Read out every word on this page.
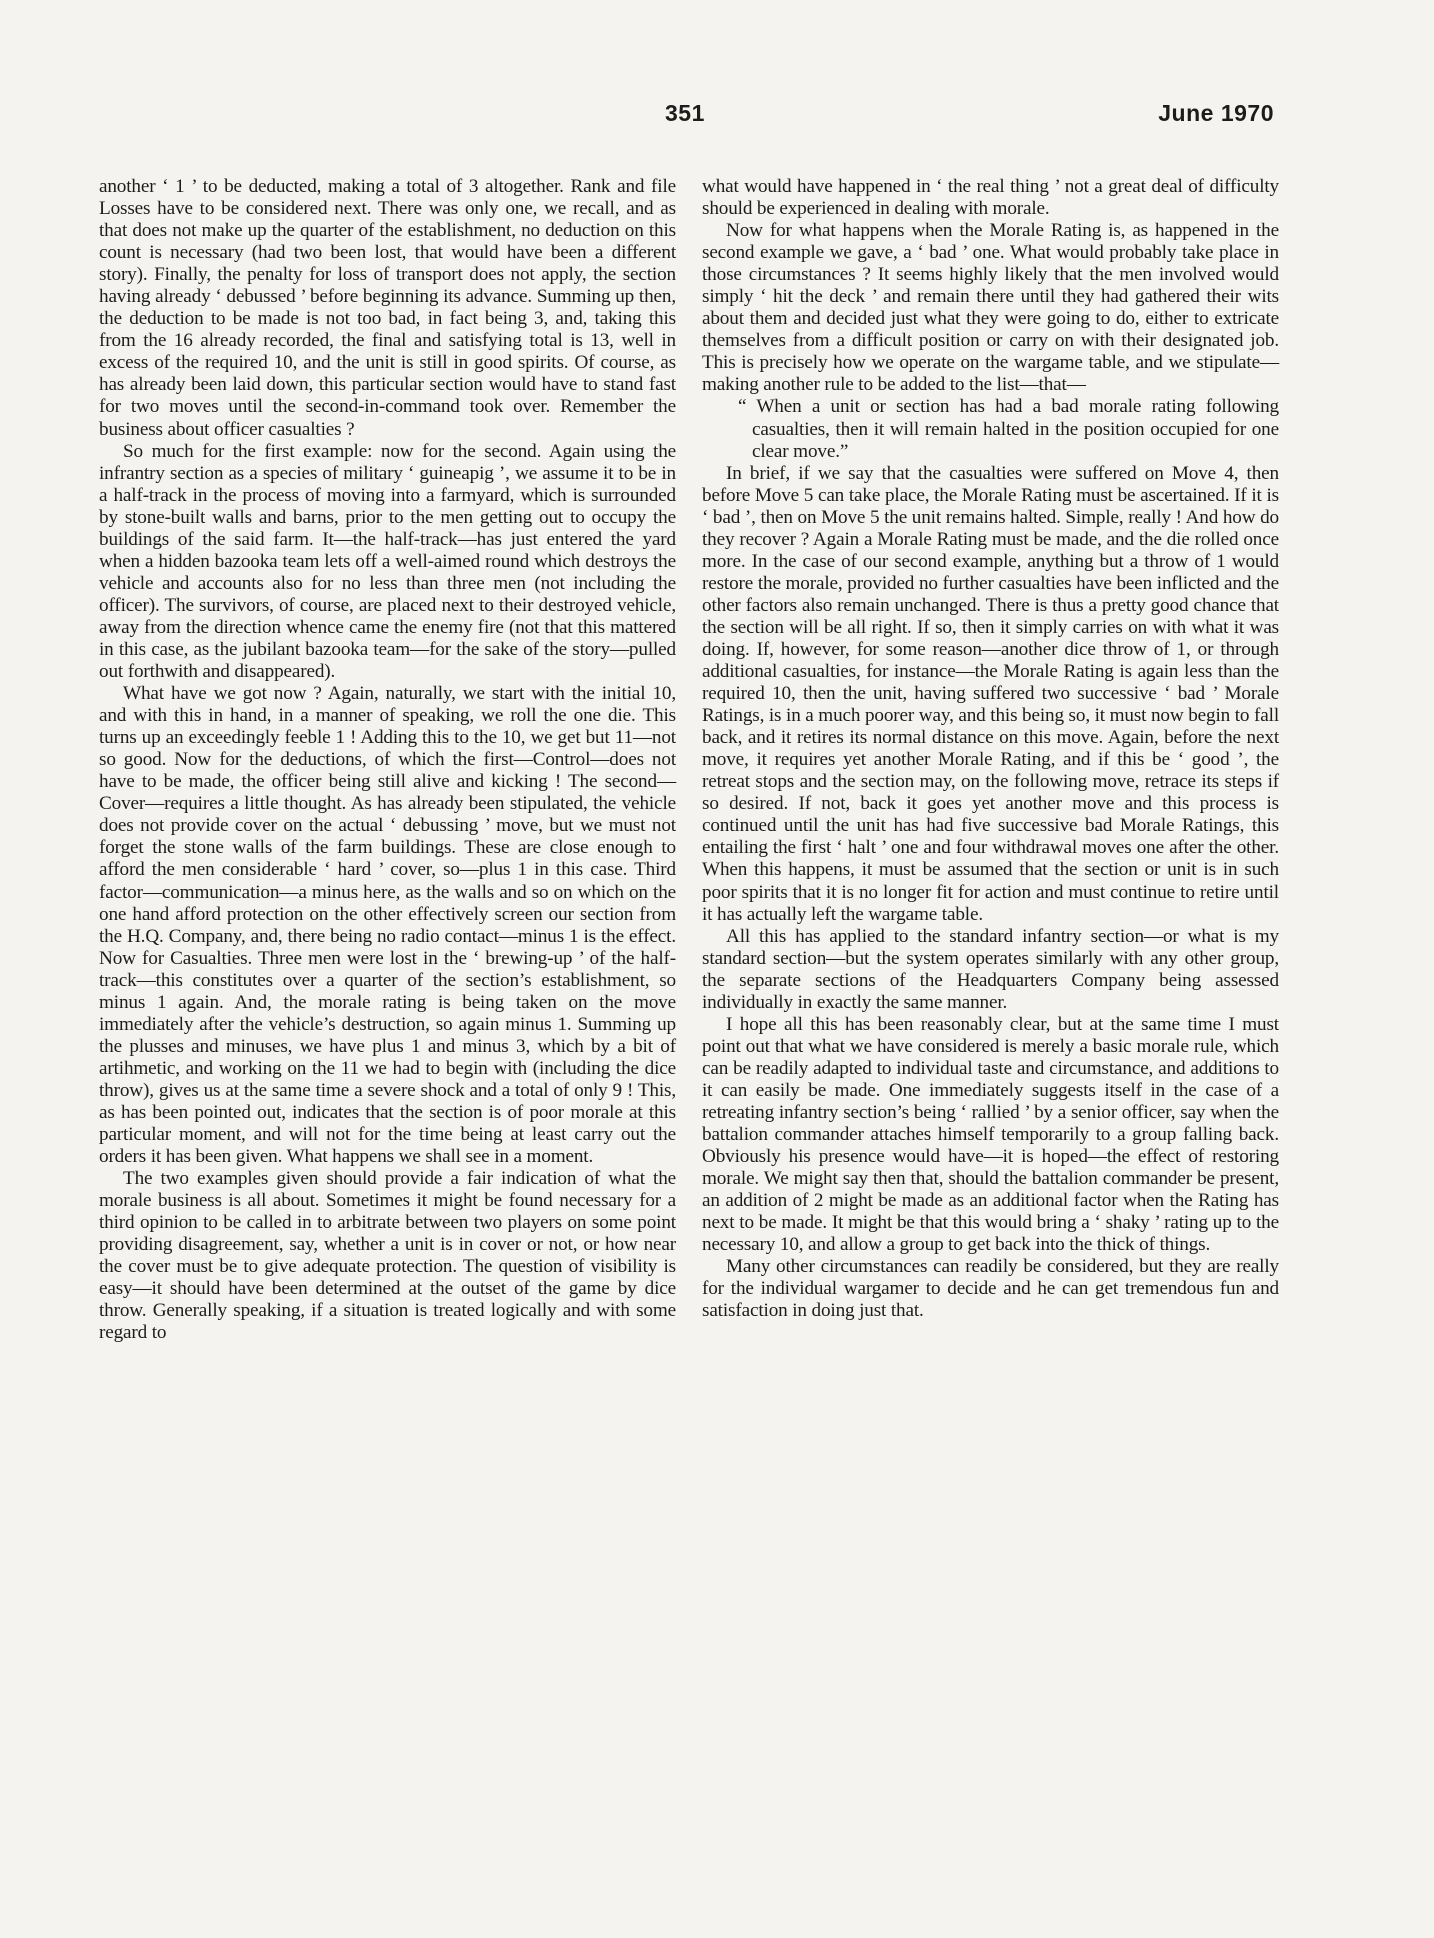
351	June 1970

another ‘ 1 ’ to be deducted, making a total of 3 altogether. Rank and file Losses have to be considered next. There was only one, we recall, and as that does not make up the quarter of the establishment, no deduction on this count is necessary (had two been lost, that would have been a different story). Finally, the penalty for loss of transport does not apply, the section having already ‘ debussed ’ before beginning its advance. Summing up then, the deduction to be made is not too bad, in fact being 3, and, taking this from the 16 already recorded, the final and satisfying total is 13, well in excess of the required 10, and the unit is still in good spirits. Of course, as has already been laid down, this particular section would have to stand fast for two moves until the second-in-command took over. Remember the business about officer casualties ?

So much for the first example: now for the second. Again using the infrantry section as a species of military ‘ guineapig ’, we assume it to be in a half-track in the process of moving into a farmyard, which is surrounded by stone-built walls and barns, prior to the men getting out to occupy the buildings of the said farm. It—the half-track—has just entered the yard when a hidden bazooka team lets off a well-aimed round which destroys the vehicle and accounts also for no less than three men (not including the officer). The survivors, of course, are placed next to their destroyed vehicle, away from the direction whence came the enemy fire (not that this mattered in this case, as the jubilant bazooka team—for the sake of the story—pulled out forthwith and disappeared).

What have we got now ? Again, naturally, we start with the initial 10, and with this in hand, in a manner of speaking, we roll the one die. This turns up an exceedingly feeble 1 ! Adding this to the 10, we get but 11—not so good. Now for the deductions, of which the first—Control—does not have to be made, the officer being still alive and kicking ! The second—Cover—requires a little thought. As has already been stipulated, the vehicle does not provide cover on the actual ‘ debussing ’ move, but we must not forget the stone walls of the farm buildings. These are close enough to afford the men considerable ‘ hard ’ cover, so—plus 1 in this case. Third factor—communication—a minus here, as the walls and so on which on the one hand afford protection on the other effectively screen our section from the H.Q. Company, and, there being no radio contact—minus 1 is the effect. Now for Casualties. Three men were lost in the ‘ brewing-up ’ of the half-track—this constitutes over a quarter of the section’s establishment, so minus 1 again. And, the morale rating is being taken on the move immediately after the vehicle’s destruction, so again minus 1. Summing up the plusses and minuses, we have plus 1 and minus 3, which by a bit of artihmetic, and working on the 11 we had to begin with (including the dice throw), gives us at the same time a severe shock and a total of only 9 ! This, as has been pointed out, indicates that the section is of poor morale at this particular moment, and will not for the time being at least carry out the orders it has been given. What happens we shall see in a moment.

The two examples given should provide a fair indication of what the morale business is all about. Sometimes it might be found necessary for a third opinion to be called in to arbitrate between two players on some point providing disagreement, say, whether a unit is in cover or not, or how near the cover must be to give adequate protection. The question of visibility is easy—it should have been determined at the outset of the game by dice throw. Generally speaking, if a situation is treated logically and with some regard to

what would have happened in ‘ the real thing ’ not a great deal of difficulty should be experienced in dealing with morale.

Now for what happens when the Morale Rating is, as happened in the second example we gave, a ‘ bad ’ one. What would probably take place in those circumstances ? It seems highly likely that the men involved would simply ‘ hit the deck ’ and remain there until they had gathered their wits about them and decided just what they were going to do, either to extricate themselves from a difficult position or carry on with their designated job. This is precisely how we operate on the wargame table, and we stipulate—making another rule to be added to the list—that—

“ When a unit or section has had a bad morale rating following casualties, then it will remain halted in the position occupied for one clear move.”

In brief, if we say that the casualties were suffered on Move 4, then before Move 5 can take place, the Morale Rating must be ascertained. If it is ‘ bad ’, then on Move 5 the unit remains halted. Simple, really ! And how do they recover ? Again a Morale Rating must be made, and the die rolled once more. In the case of our second example, anything but a throw of 1 would restore the morale, provided no further casualties have been inflicted and the other factors also remain unchanged. There is thus a pretty good chance that the section will be all right. If so, then it simply carries on with what it was doing. If, however, for some reason—another dice throw of 1, or through additional casualties, for instance—the Morale Rating is again less than the required 10, then the unit, having suffered two successive ‘ bad ’ Morale Ratings, is in a much poorer way, and this being so, it must now begin to fall back, and it retires its normal distance on this move. Again, before the next move, it requires yet another Morale Rating, and if this be ‘ good ’, the retreat stops and the section may, on the following move, retrace its steps if so desired. If not, back it goes yet another move and this process is continued until the unit has had five successive bad Morale Ratings, this entailing the first ‘ halt ’ one and four withdrawal moves one after the other. When this happens, it must be assumed that the section or unit is in such poor spirits that it is no longer fit for action and must continue to retire until it has actually left the wargame table.

All this has applied to the standard infantry section—or what is my standard section—but the system operates similarly with any other group, the separate sections of the Headquarters Company being assessed individually in exactly the same manner.

I hope all this has been reasonably clear, but at the same time I must point out that what we have considered is merely a basic morale rule, which can be readily adapted to individual taste and circumstance, and additions to it can easily be made. One immediately suggests itself in the case of a retreating infantry section’s being ‘ rallied ’ by a senior officer, say when the battalion commander attaches himself temporarily to a group falling back. Obviously his presence would have—it is hoped—the effect of restoring morale. We might say then that, should the battalion commander be present, an addition of 2 might be made as an additional factor when the Rating has next to be made. It might be that this would bring a ‘ shaky ’ rating up to the necessary 10, and allow a group to get back into the thick of things.

Many other circumstances can readily be considered, but they are really for the individual wargamer to decide and he can get tremendous fun and satisfaction in doing just that.
